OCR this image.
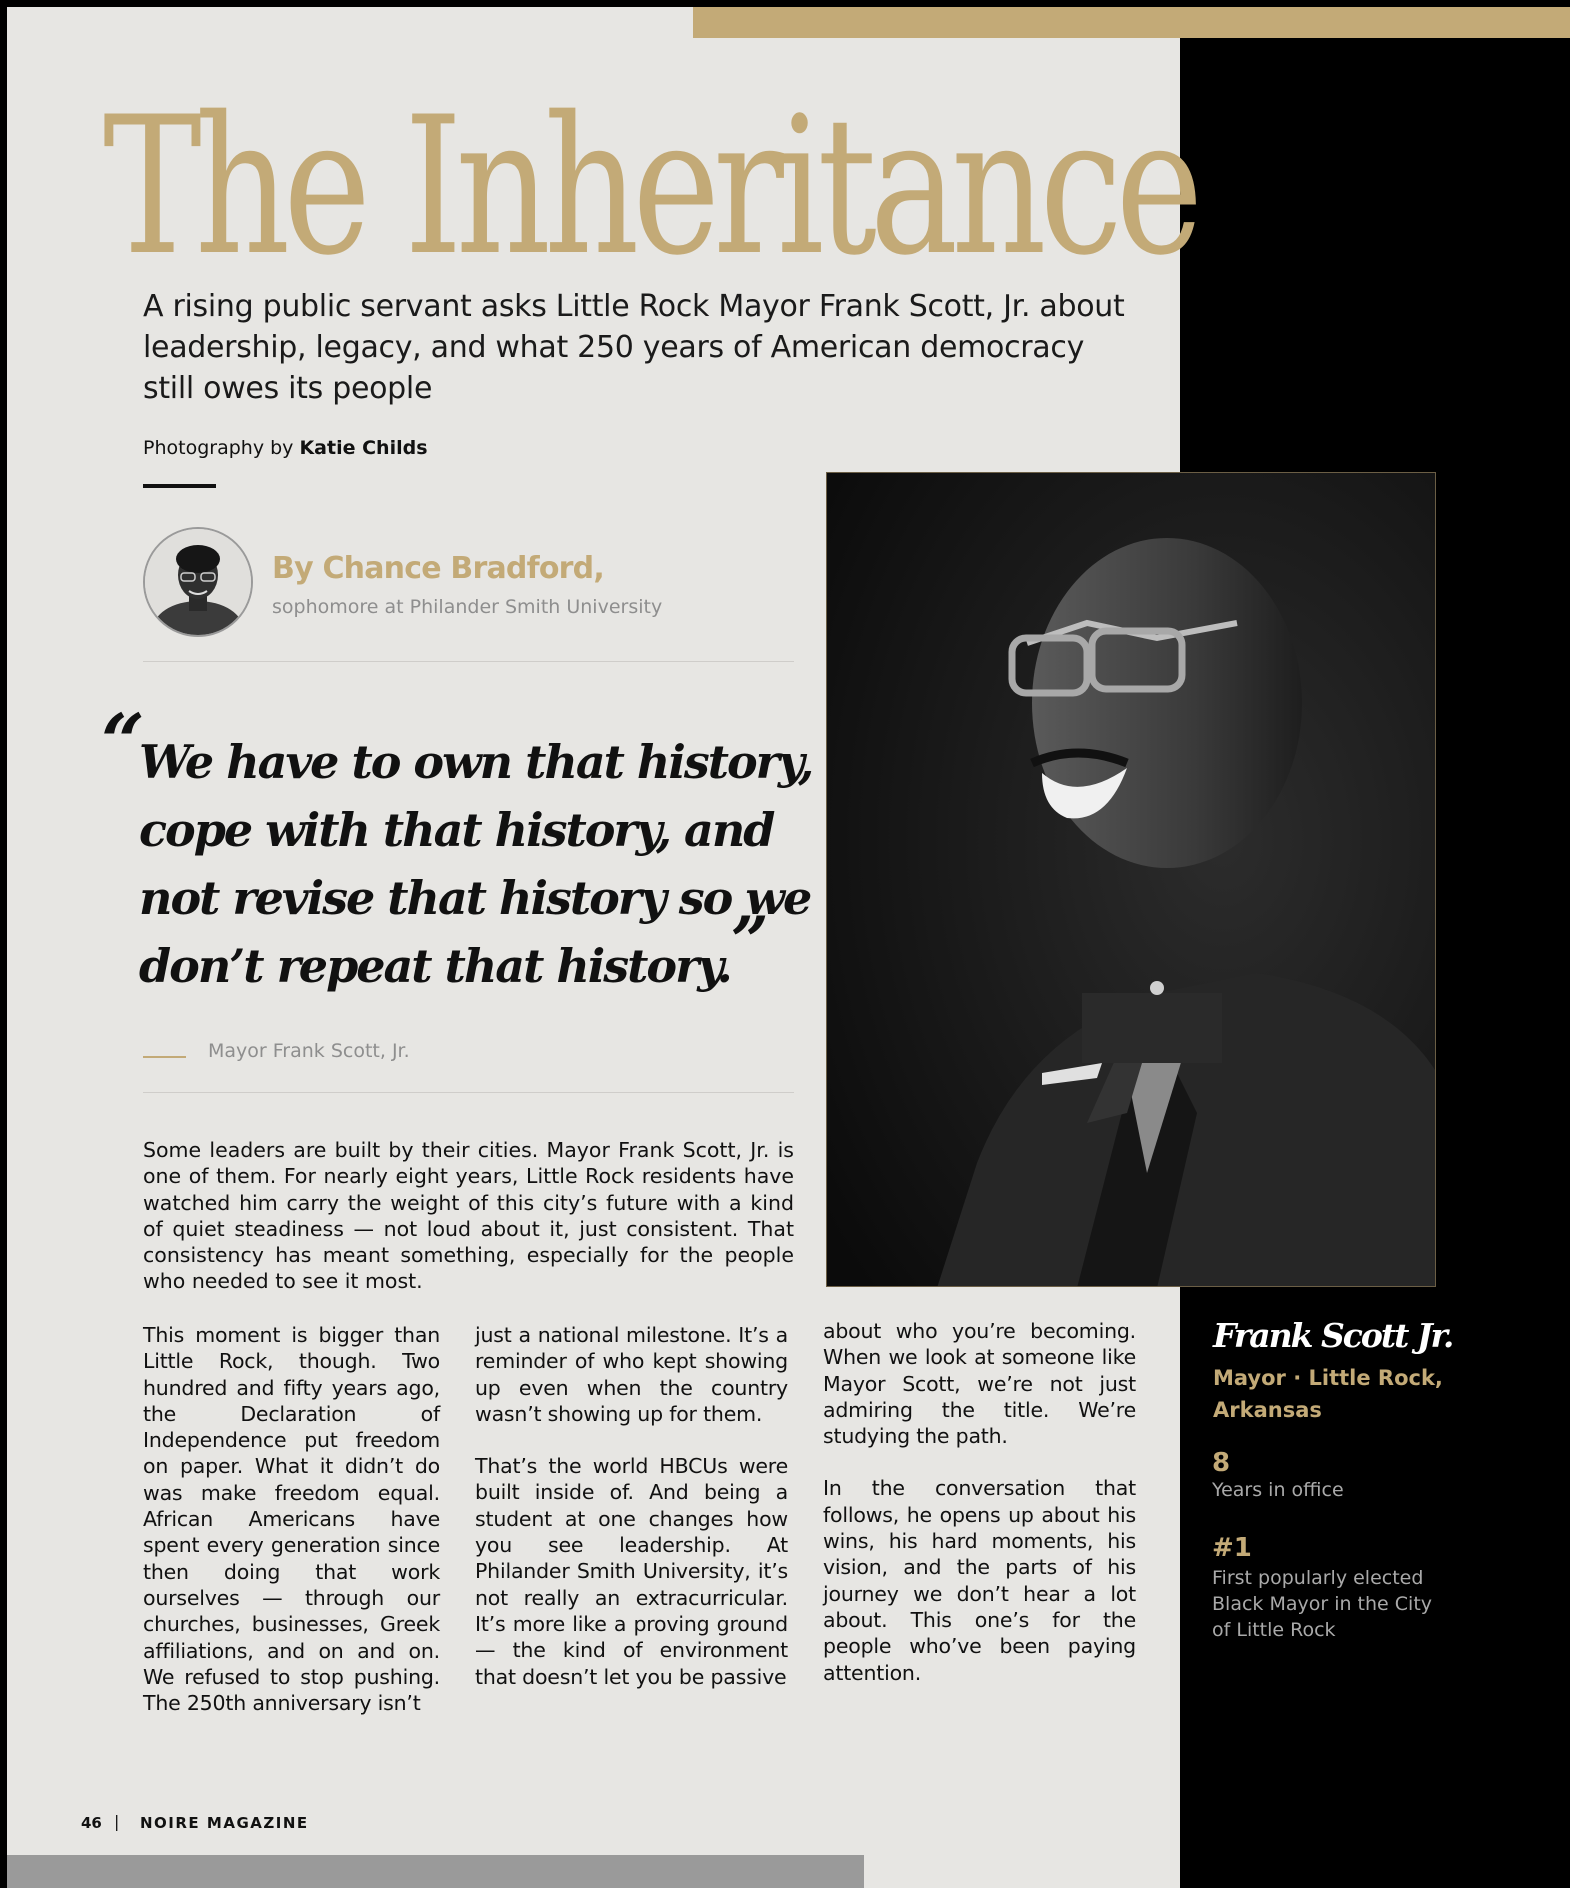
The Inheritance

A rising public servant asks Little Rock Mayor Frank Scott, Jr. about leadership, legacy, and what 250 years of American democracy still owes its people

Photography by Katie Childs
By Chance Bradford,
sophomore at Philander Smith University
“

We have to own that history, cope with that history, and not revise that history so we don’t repeat that history.”

Mayor Frank Scott, Jr.

Some leaders are built by their cities. Mayor Frank Scott, Jr. is one of them. For nearly eight years, Little Rock residents have watched him carry the weight of this city’s future with a kind of quiet steadiness — not loud about it, just consistent. That consistency has meant something, especially for the people who needed to see it most.

This moment is bigger than Little Rock, though. Two hundred and fifty years ago, the Declaration of Independence put freedom on paper. What it didn’t do was make freedom equal. African Americans have spent every generation since then doing that work ourselves — through our churches, businesses, Greek affiliations, and on and on. We refused to stop pushing. The 250th anniversary isn’t

just a national milestone. It’s a reminder of who kept showing up even when the country wasn’t showing up for them.

That’s the world HBCUs were built inside of. And being a student at one changes how you see leadership. At Philander Smith University, it’s not really an extracurricular. It’s more like a proving ground — the kind of environment that doesn’t let you be passive

about who you’re becoming. When we look at someone like Mayor Scott, we’re not just admiring the title. We’re studying the path.

In the conversation that follows, he opens up about his wins, his hard moments, his vision, and the parts of his journey we don’t hear a lot about. This one’s for the people who’ve been paying attention.

Frank Scott Jr.
Mayor · Little Rock, Arkansas
8
Years in office
#1
First popularly elected Black Mayor in the City of Little Rock
46 | NOIRE MAGAZINE
